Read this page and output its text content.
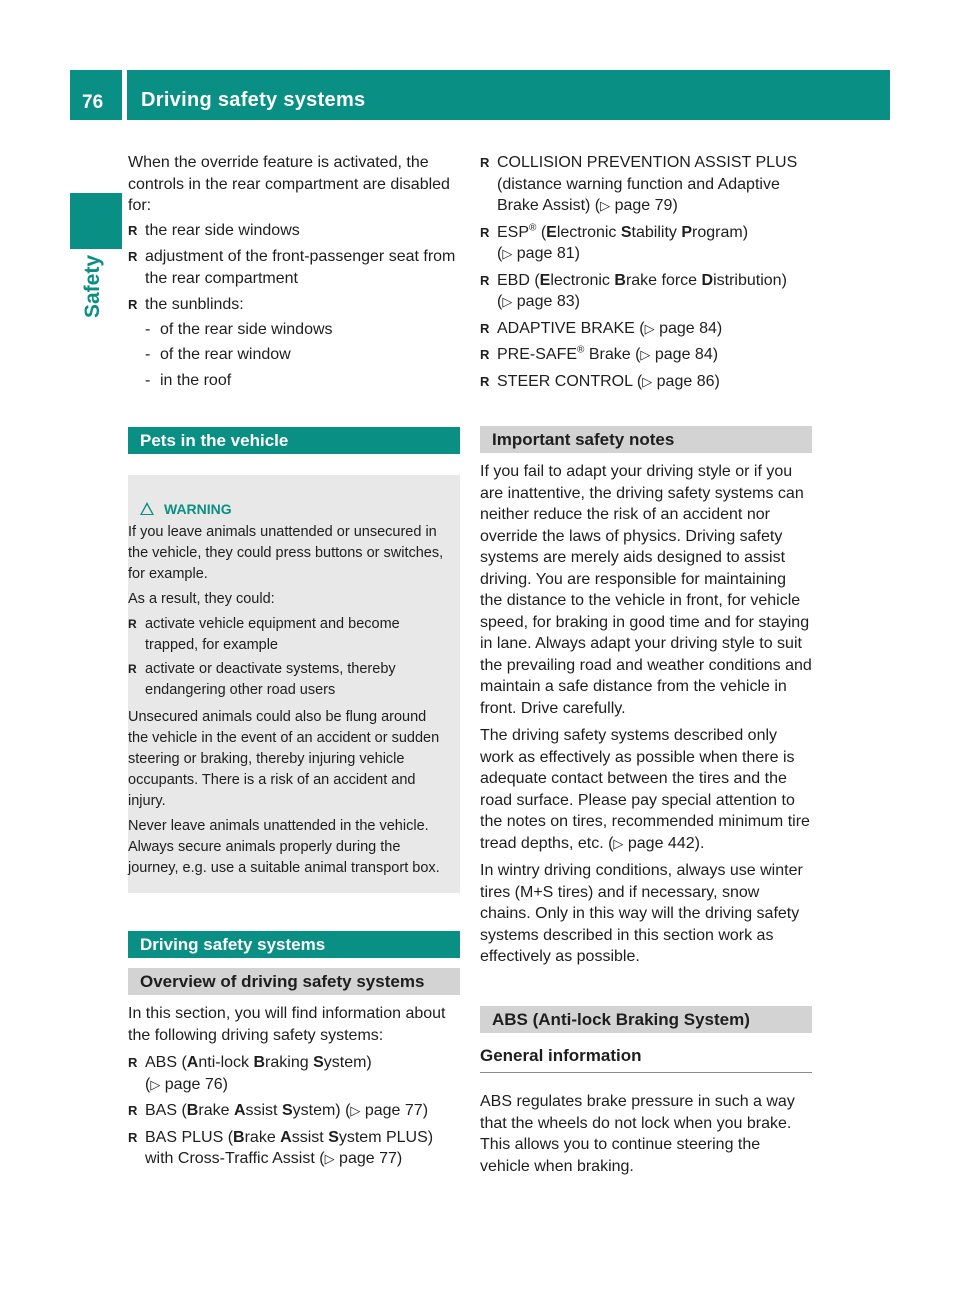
76 Driving safety systems
Safety

When the override feature is activated, the controls in the rear compartment are disabled for:

R the rear side windows
R adjustment of the front-passenger seat from the rear compartment
R the sunblinds:
- of the rear side windows
- of the rear window
- in the roof
Pets in the vehicle
WARNING

If you leave animals unattended or unsecured in the vehicle, they could press buttons or switches, for example.

As a result, they could:

R activate vehicle equipment and become trapped, for example
R activate or deactivate systems, thereby endangering other road users

Unsecured animals could also be flung around the vehicle in the event of an accident or sudden steering or braking, thereby injuring vehicle occupants. There is a risk of an accident and injury.

Never leave animals unattended in the vehicle. Always secure animals properly during the journey, e.g. use a suitable animal transport box.

Driving safety systems
Overview of driving safety systems

In this section, you will find information about the following driving safety systems:

R ABS (Anti-lock Braking System)
(▷ page 76)
R BAS (Brake Assist System) (▷ page 77)
R BAS PLUS (Brake Assist System PLUS) with Cross-Traffic Assist (▷ page 77)
R COLLISION PREVENTION ASSIST PLUS (distance warning function and Adaptive Brake Assist) (▷ page 79)
R ESP® (Electronic Stability Program)
(▷ page 81)
R EBD (Electronic Brake force Distribution)
(▷ page 83)
R ADAPTIVE BRAKE (▷ page 84)
R PRE-SAFE® Brake (▷ page 84)
R STEER CONTROL (▷ page 86)
Important safety notes

If you fail to adapt your driving style or if you are inattentive, the driving safety systems can neither reduce the risk of an accident nor override the laws of physics. Driving safety systems are merely aids designed to assist driving. You are responsible for maintaining the distance to the vehicle in front, for vehicle speed, for braking in good time and for staying in lane. Always adapt your driving style to suit the prevailing road and weather conditions and maintain a safe distance from the vehicle in front. Drive carefully.

The driving safety systems described only work as effectively as possible when there is adequate contact between the tires and the road surface. Please pay special attention to the notes on tires, recommended minimum tire tread depths, etc. (▷ page 442).

In wintry driving conditions, always use winter tires (M+S tires) and if necessary, snow chains. Only in this way will the driving safety systems described in this section work as effectively as possible.

ABS (Anti-lock Braking System)
General information

ABS regulates brake pressure in such a way that the wheels do not lock when you brake. This allows you to continue steering the vehicle when braking.
